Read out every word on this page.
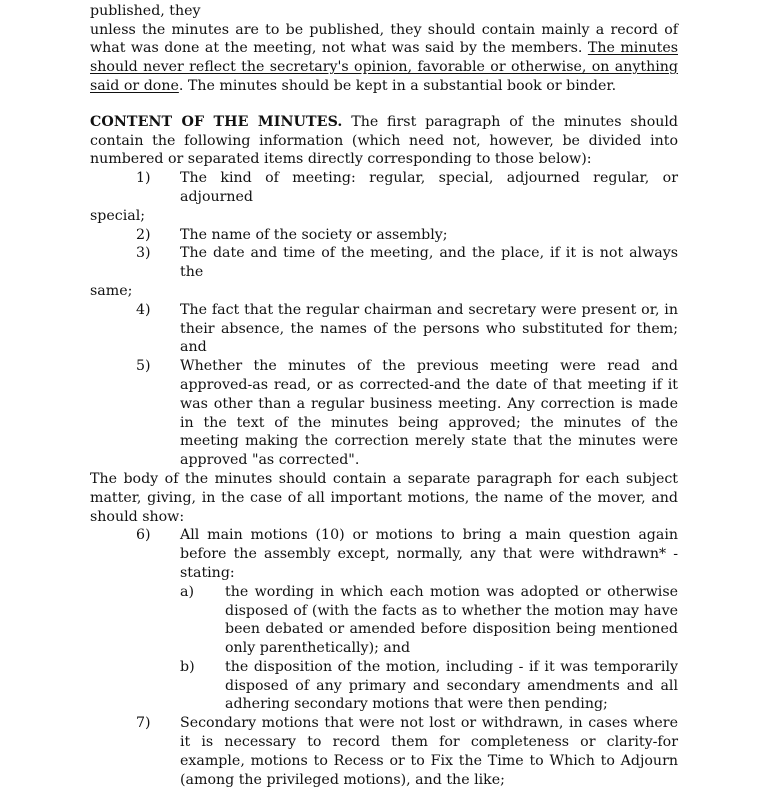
published, they
unless the minutes are to be published, they should contain mainly a record of what was done at the meeting, not what was said by the members. The minutes should never reflect the secretary's opinion, favorable or otherwise, on anything said or done. The minutes should be kept in a substantial book or binder.

CONTENT OF THE MINUTES. The first paragraph of the minutes should contain the following information (which need not, however, be divided into numbered or separated items directly corresponding to those below):

1)	The kind of meeting: regular, special, adjourned regular, or adjourned

special;

2)	The name of the society or assembly;
3)	The date and time of the meeting, and the place, if it is not always the

same;

4)	The fact that the regular chairman and secretary were present or, in their absence, the names of the persons who substituted for them; and
5)	Whether the minutes of the previous meeting were read and approved-as read, or as corrected-and the date of that meeting if it was other than a regular business meeting. Any correction is made in the text of the minutes being approved; the minutes of the meeting making the correction merely state that the minutes were approved "as corrected".

The body of the minutes should contain a separate paragraph for each subject matter, giving, in the case of all important motions, the name of the mover, and should show:

6)	All main motions (10) or motions to bring a main question again before the assembly except, normally, any that were withdrawn* - stating:
a)	the wording in which each motion was adopted or otherwise disposed of (with the facts as to whether the motion may have been debated or amended before disposition being mentioned only parenthetically); and
b)	the disposition of the motion, including - if it was temporarily disposed of any primary and secondary amendments and all adhering secondary motions that were then pending;
7)	Secondary motions that were not lost or withdrawn, in cases where it is necessary to record them for completeness or clarity-for example, motions to Recess or to Fix the Time to Which to Adjourn (among the privileged motions), and the like;
